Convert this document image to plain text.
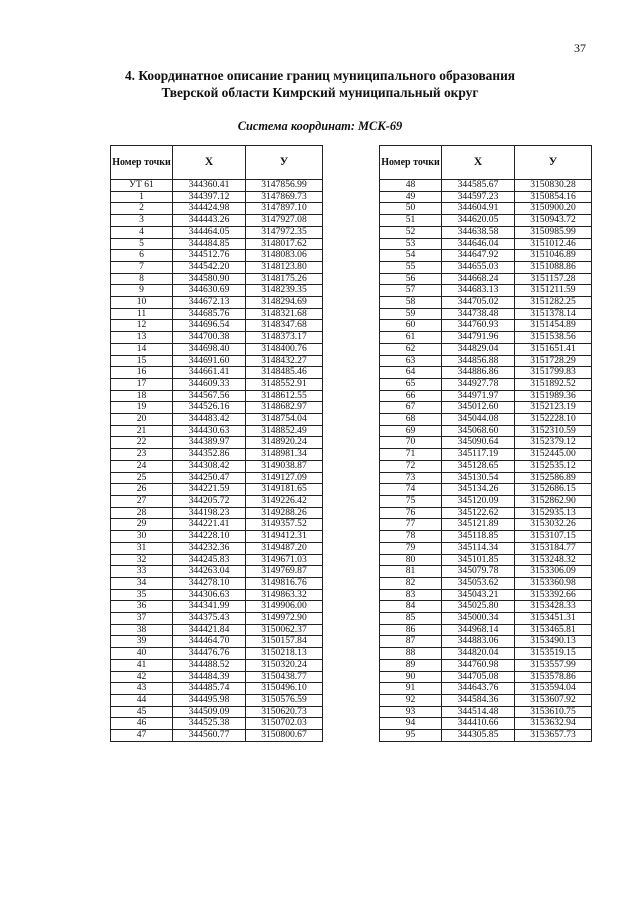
37
4. Координатное описание границ муниципального образования
Тверской области Кимрский муниципальный округ
Система координат: МСК-69
Номер точки	X	У
УТ 61	344360.41	3147856.99
1	344397.12	3147869.73
2	344424.98	3147897.10
3	344443.26	3147927.08
4	344464.05	3147972.35
5	344484.85	3148017.62
6	344512.76	3148083.06
7	344542.20	3148123.80
8	344580.90	3148175.26
9	344630.69	3148239.35
10	344672.13	3148294.69
11	344685.76	3148321.68
12	344696.54	3148347.68
13	344700.38	3148373.17
14	344698.40	3148400.76
15	344691.60	3148432.27
16	344661.41	3148485.46
17	344609.33	3148552.91
18	344567.56	3148612.55
19	344526.16	3148682.97
20	344483.42	3148754.04
21	344430.63	3148852.49
22	344389.97	3148920.24
23	344352.86	3148981.34
24	344308.42	3149038.87
25	344250.47	3149127.09
26	344221.59	3149181.65
27	344205.72	3149226.42
28	344198.23	3149288.26
29	344221.41	3149357.52
30	344228.10	3149412.31
31	344232.36	3149487.20
32	344245.83	3149671.03
33	344263.04	3149769.87
34	344278.10	3149816.76
35	344306.63	3149863.32
36	344341.99	3149906.00
37	344375.43	3149972.90
38	344421.84	3150062.37
39	344464.70	3150157.84
40	344476.76	3150218.13
41	344488.52	3150320.24
42	344484.39	3150438.77
43	344485.74	3150496.10
44	344495.98	3150576.59
45	344509.09	3150620.73
46	344525.38	3150702.03
47	344560.77	3150800.67
Номер точки	X	У
48	344585.67	3150830.28
49	344597.23	3150854.16
50	344604.91	3150900.20
51	344620.05	3150943.72
52	344638.58	3150985.99
53	344646.04	3151012.46
54	344647.92	3151046.89
55	344655.03	3151088.86
56	344668.24	3151157.28
57	344683.13	3151211.59
58	344705.02	3151282.25
59	344738.48	3151378.14
60	344760.93	3151454.89
61	344791.96	3151538.56
62	344829.04	3151651.41
63	344856.88	3151728.29
64	344886.86	3151799.83
65	344927.78	3151892.52
66	344971.97	3151989.36
67	345012.60	3152123.19
68	345044.08	3152228.10
69	345068.60	3152310.59
70	345090.64	3152379.12
71	345117.19	3152445.00
72	345128.65	3152535.12
73	345130.54	3152586.89
74	345134.26	3152686.15
75	345120.09	3152862.90
76	345122.62	3152935.13
77	345121.89	3153032.26
78	345118.85	3153107.15
79	345114.34	3153184.77
80	345101.85	3153248.32
81	345079.78	3153306.09
82	345053.62	3153360.98
83	345043.21	3153392.66
84	345025.80	3153428.33
85	345000.34	3153451.31
86	344968.14	3153465.81
87	344883.06	3153490.13
88	344820.04	3153519.15
89	344760.98	3153557.99
90	344705.08	3153578.86
91	344643.76	3153594.04
92	344584.36	3153607.92
93	344514.48	3153610.75
94	344410.66	3153632.94
95	344305.85	3153657.73
